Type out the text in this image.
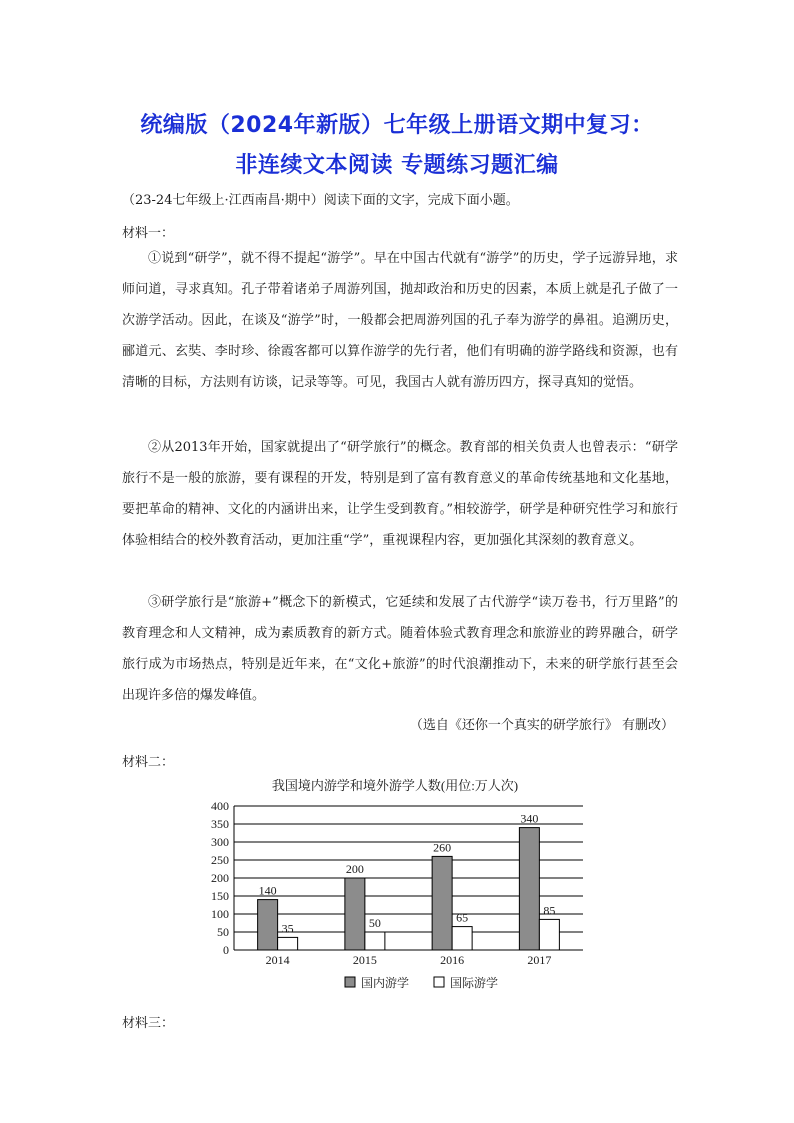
统编版（2024年新版）七年级上册语文期中复习：
非连续文本阅读 专题练习题汇编
（23-24七年级上·江西南昌·期中）阅读下面的文字，完成下面小题。
材料一：

①说到“研学”，就不得不提起“游学”。早在中国古代就有“游学”的历史，学子远游异地，求师问道，寻求真知。孔子带着诸弟子周游列国，抛却政治和历史的因素，本质上就是孔子做了一次游学活动。因此，在谈及“游学”时，一般都会把周游列国的孔子奉为游学的鼻祖。追溯历史，郦道元、玄奘、李时珍、徐霞客都可以算作游学的先行者，他们有明确的游学路线和资源，也有清晰的目标，方法则有访谈，记录等等。可见，我国古人就有游历四方，探寻真知的觉悟。

②从2013年开始，国家就提出了“研学旅行”的概念。教育部的相关负责人也曾表示：“研学旅行不是一般的旅游，要有课程的开发，特别是到了富有教育意义的革命传统基地和文化基地，要把革命的精神、文化的内涵讲出来，让学生受到教育。”相较游学，研学是种研究性学习和旅行体验相结合的校外教育活动，更加注重“学”，重视课程内容，更加强化其深刻的教育意义。

③研学旅行是“旅游+”概念下的新模式，它延续和发展了古代游学“读万卷书，行万里路”的教育理念和人文精神，成为素质教育的新方式。随着体验式教育理念和旅游业的跨界融合，研学旅行成为市场热点，特别是近年来，在“文化+旅游”的时代浪潮推动下，未来的研学旅行甚至会出现许多倍的爆发峰值。

（选自《还你一个真实的研学旅行》 有删改）
材料二：
我国境内游学和境外游学人数(用位:万人次)
0
50
100
150
200
250
300
350
400
140
35
200
50
260
65
340
85
2014	2015	2016	2017
国内游学	国际游学
材料三：
